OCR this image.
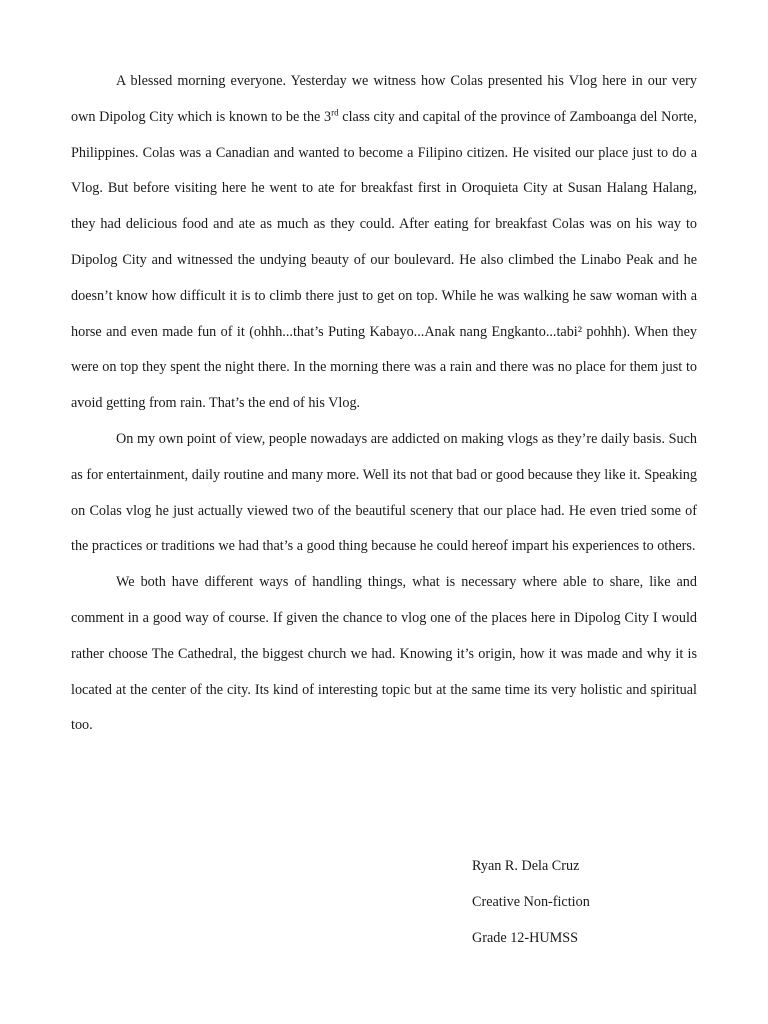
A blessed morning everyone. Yesterday we witness how Colas presented his Vlog here in our very own Dipolog City which is known to be the 3rd class city and capital of the province of Zamboanga del Norte, Philippines. Colas was a Canadian and wanted to become a Filipino citizen. He visited our place just to do a Vlog. But before visiting here he went to ate for breakfast first in Oroquieta City at Susan Halang Halang, they had delicious food and ate as much as they could. After eating for breakfast Colas was on his way to Dipolog City and witnessed the undying beauty of our boulevard. He also climbed the Linabo Peak and he doesn’t know how difficult it is to climb there just to get on top. While he was walking he saw woman with a horse and even made fun of it (ohhh...that’s Puting Kabayo...Anak nang Engkanto...tabi² pohhh). When they were on top they spent the night there. In the morning there was a rain and there was no place for them just to avoid getting from rain. That’s the end of his Vlog.

On my own point of view, people nowadays are addicted on making vlogs as they’re daily basis. Such as for entertainment, daily routine and many more. Well its not that bad or good because they like it. Speaking on Colas vlog he just actually viewed two of the beautiful scenery that our place had. He even tried some of the practices or traditions we had that’s a good thing because he could hereof impart his experiences to others.

We both have different ways of handling things, what is necessary where able to share, like and comment in a good way of course. If given the chance to vlog one of the places here in Dipolog City I would rather choose The Cathedral, the biggest church we had. Knowing it’s origin, how it was made and why it is located at the center of the city. Its kind of interesting topic but at the same time its very holistic and spiritual too.

Ryan R. Dela Cruz
Creative Non-fiction
Grade 12-HUMSS
